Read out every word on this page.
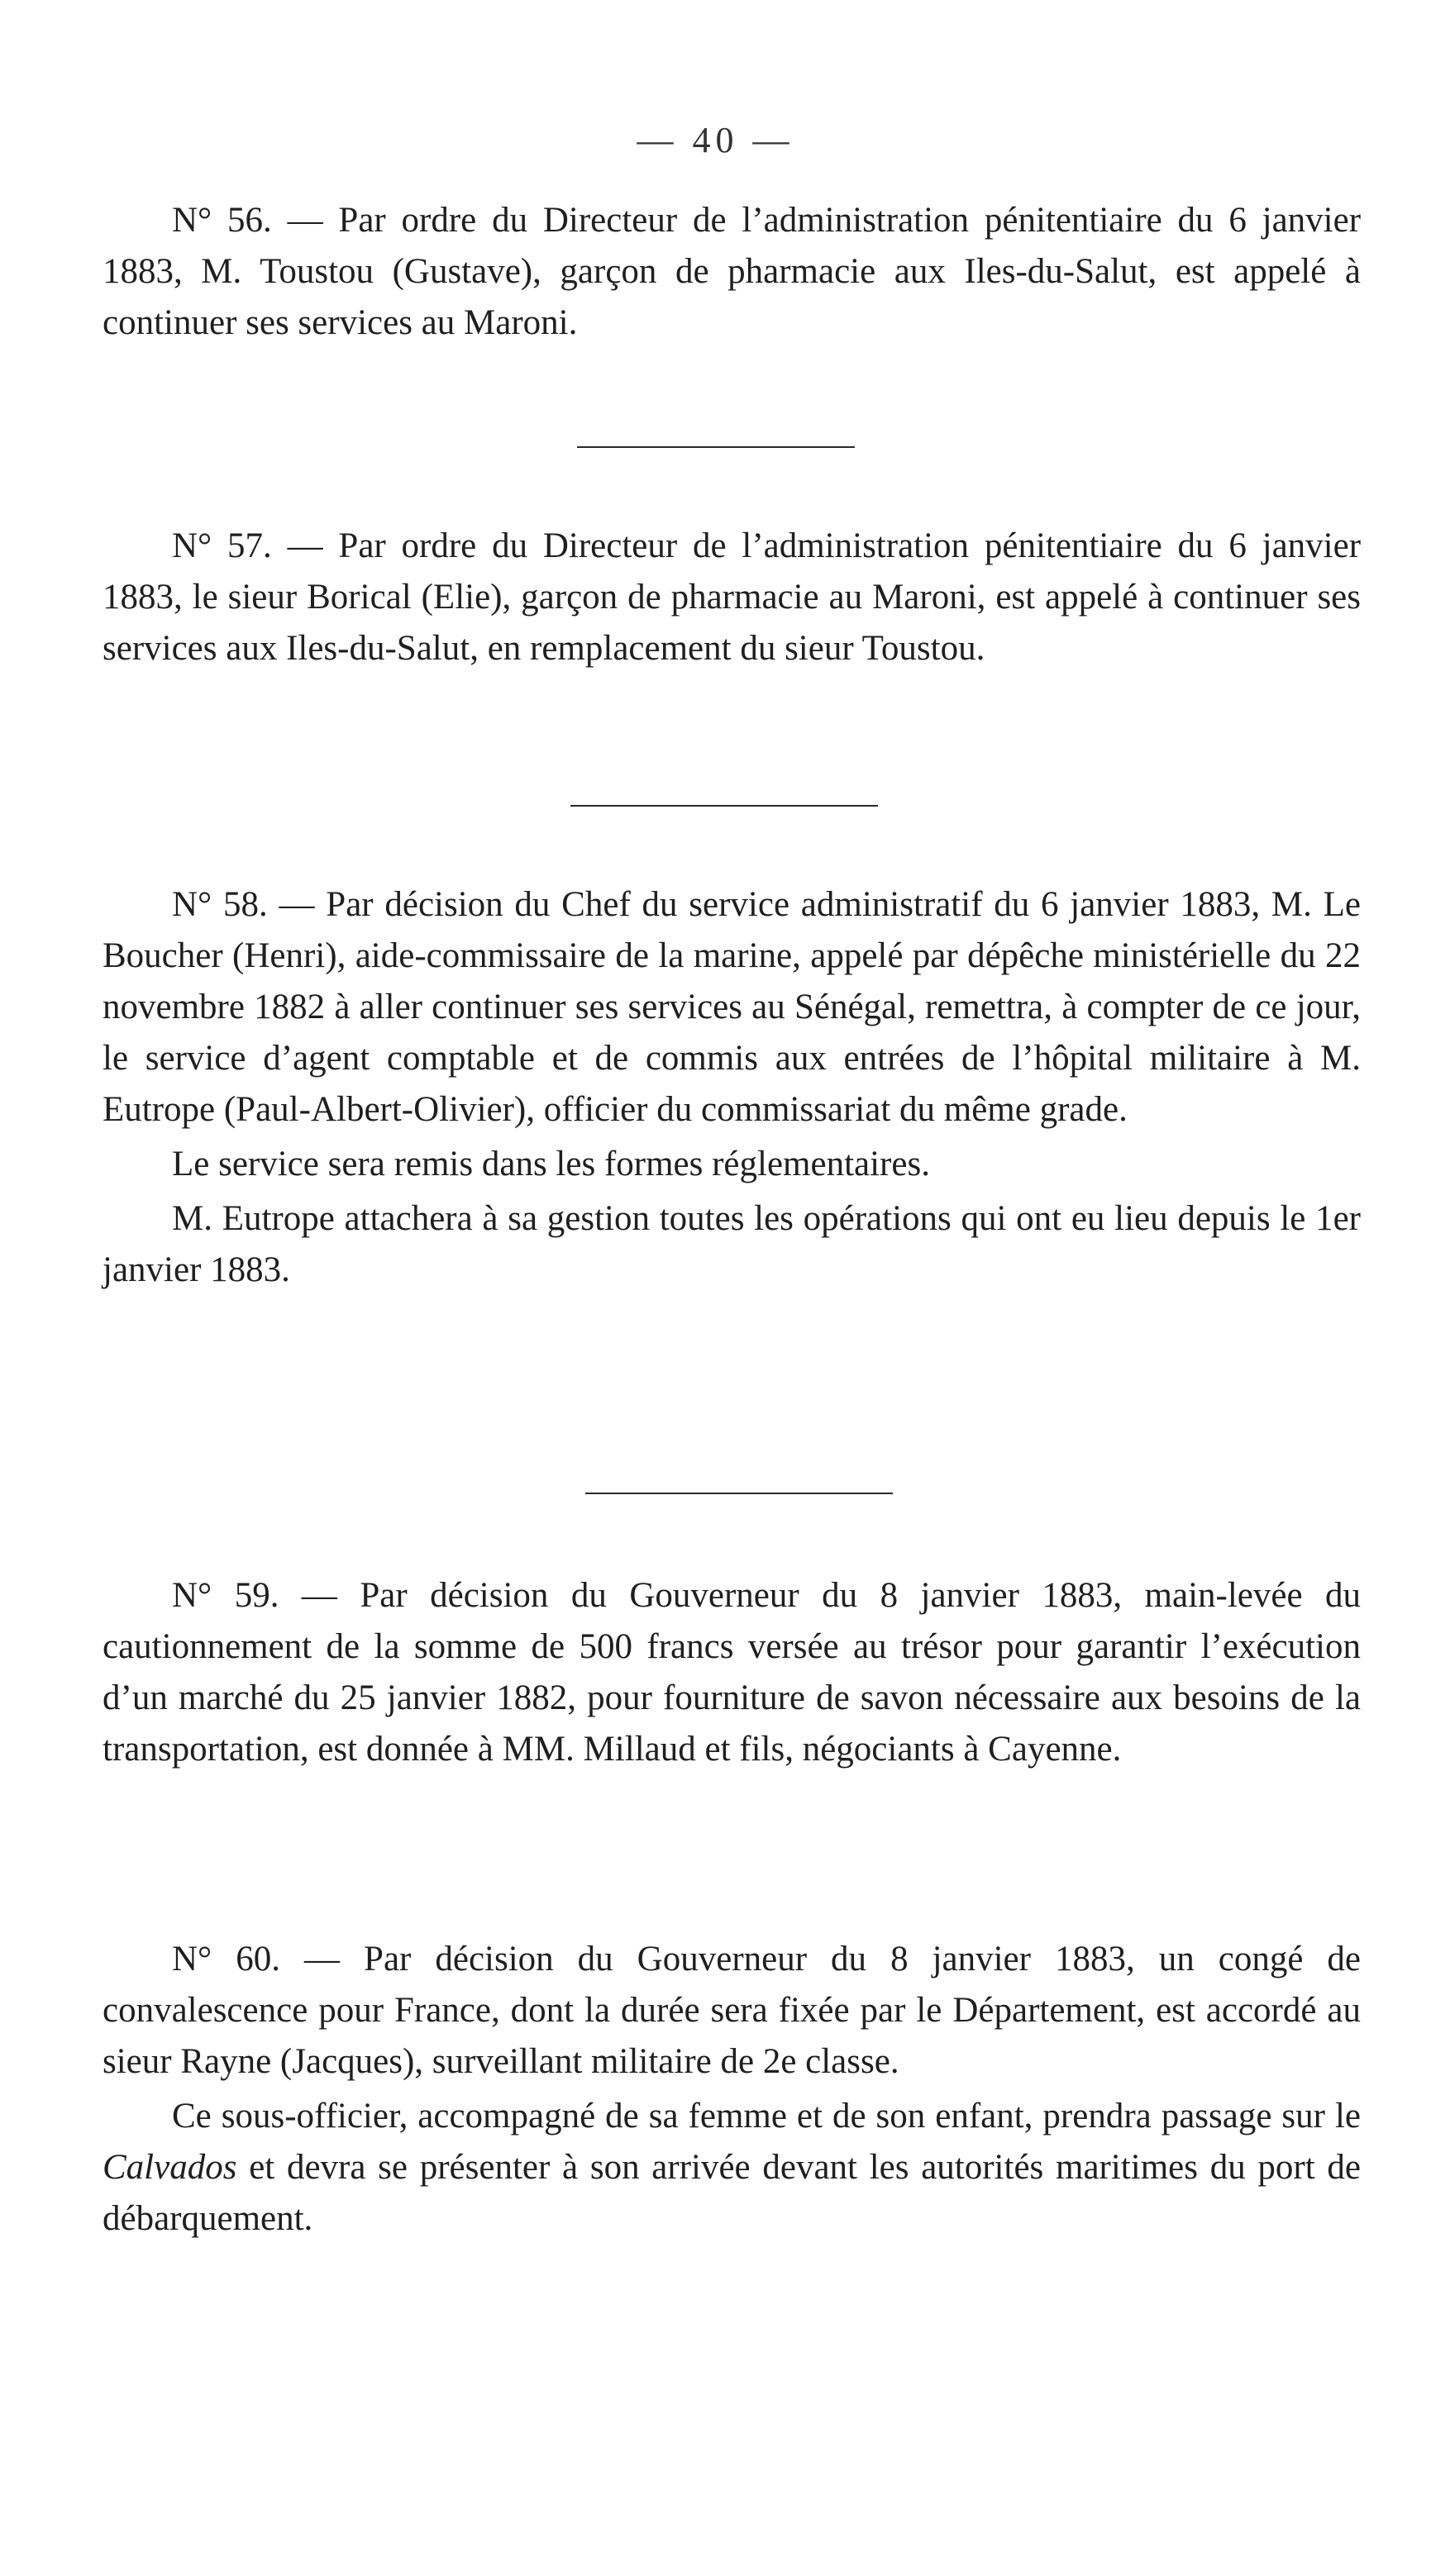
— 40 —

N° 56. — Par ordre du Directeur de l’administration pénitentiaire du 6 janvier 1883, M. Toustou (Gustave), garçon de pharmacie aux Iles-du-Salut, est appelé à continuer ses services au Maroni.

N° 57. — Par ordre du Directeur de l’administration pénitentiaire du 6 janvier 1883, le sieur Borical (Elie), garçon de pharmacie au Maroni, est appelé à continuer ses services aux Iles-du-Salut, en remplacement du sieur Toustou.

N° 58. — Par décision du Chef du service administratif du 6 janvier 1883, M. Le Boucher (Henri), aide-commissaire de la marine, appelé par dépêche ministérielle du 22 novembre 1882 à aller continuer ses services au Sénégal, remettra, à compter de ce jour, le service d’agent comptable et de commis aux entrées de l’hôpital militaire à M. Eutrope (Paul-Albert-Olivier), officier du commissariat du même grade.

Le service sera remis dans les formes réglementaires.

M. Eutrope attachera à sa gestion toutes les opérations qui ont eu lieu depuis le 1er janvier 1883.

N° 59. — Par décision du Gouverneur du 8 janvier 1883, main-levée du cautionnement de la somme de 500 francs versée au trésor pour garantir l’exécution d’un marché du 25 janvier 1882, pour fourniture de savon nécessaire aux besoins de la transportation, est donnée à MM. Millaud et fils, négociants à Cayenne.

N° 60. — Par décision du Gouverneur du 8 janvier 1883, un congé de convalescence pour France, dont la durée sera fixée par le Département, est accordé au sieur Rayne (Jacques), surveillant militaire de 2e classe.

Ce sous-officier, accompagné de sa femme et de son enfant, prendra passage sur le Calvados et devra se présenter à son arrivée devant les autorités maritimes du port de débarquement.
